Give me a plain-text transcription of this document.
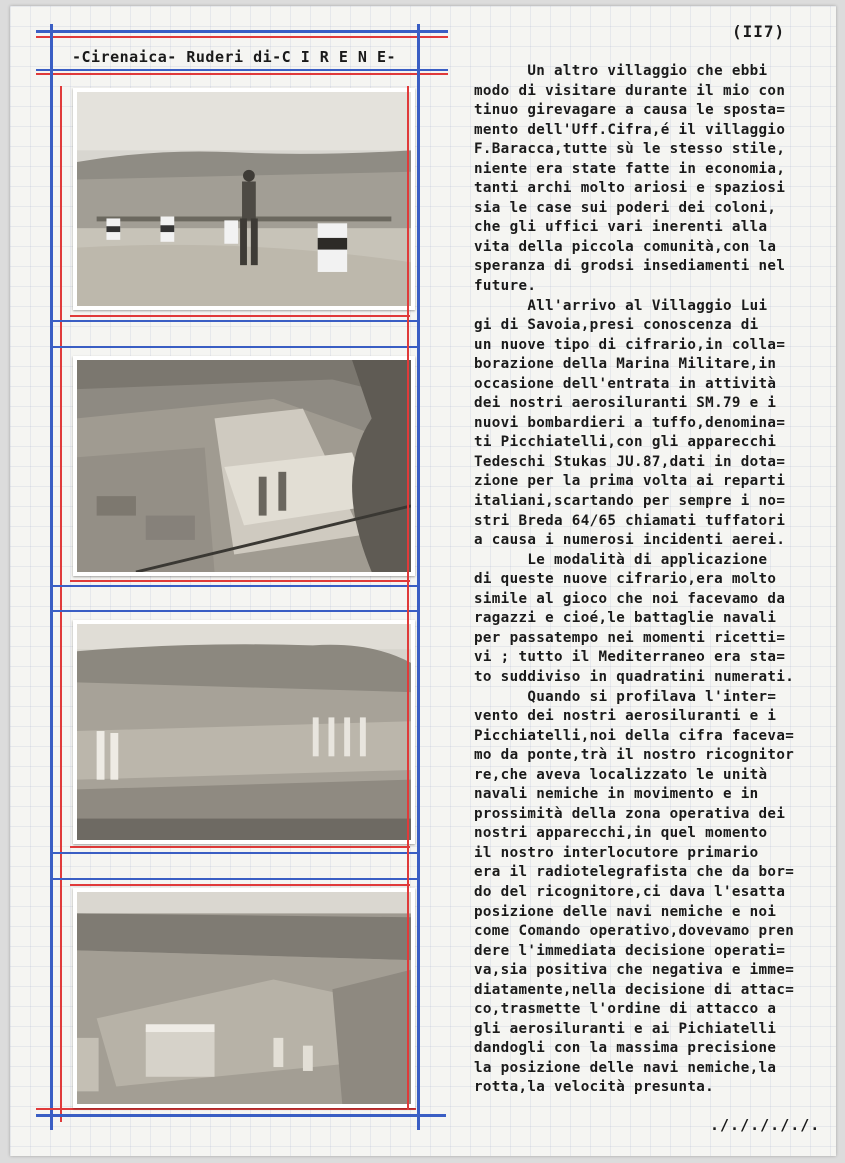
(II7)
-Cirenaica- Ruderi di-C I R E N E-
Un altro villaggio che ebbi
modo di visitare durante il mio con
tinuo girevagare a causa le sposta=
mento dell'Uff.Cifra,é il villaggio
F.Baracca,tutte sù le stesso stile,
niente era state fatte in economia,
tanti archi molto ariosi e spaziosi
sia le case sui poderi dei coloni,
che gli uffici vari inerenti alla
vita della piccola comunità,con la
speranza di grodsi insediamenti nel
future.
All'arrivo al Villaggio Lui
gi di Savoia,presi conoscenza di
un nuove tipo di cifrario,in colla=
borazione della Marina Militare,in
occasione dell'entrata in attività
dei nostri aerosiluranti SM.79 e i
nuovi bombardieri a tuffo,denomina=
ti Picchiatelli,con gli apparecchi
Tedeschi Stukas JU.87,dati in dota=
zione per la prima volta ai reparti
italiani,scartando per sempre i no=
stri Breda 64/65 chiamati tuffatori
a causa i numerosi incidenti aerei.
Le modalità di applicazione
di queste nuove cifrario,era molto
simile al gioco che noi facevamo da
ragazzi e cioé,le battaglie navali
per passatempo nei momenti ricetti=
vi ; tutto il Mediterraneo era sta=
to suddiviso in quadratini numerati.
Quando si profilava l'inter=
vento dei nostri aerosiluranti e i
Picchiatelli,noi della cifra faceva=
mo da ponte,trà il nostro ricognitor
re,che aveva localizzato le unità
navali nemiche in movimento e in
prossimità della zona operativa dei
nostri apparecchi,in quel momento
il nostro interlocutore primario
era il radiotelegrafista che da bor=
do del ricognitore,ci dava l'esatta
posizione delle navi nemiche e noi
come Comando operativo,dovevamo pren
dere l'immediata decisione operati=
va,sia positiva che negativa e imme=
diatamente,nella decisione di attac=
co,trasmette l'ordine di attacco a
gli aerosiluranti e ai Pichiatelli
dandogli con la massima precisione
la posizione delle navi nemiche,la
rotta,la velocità presunta.
./././././.
